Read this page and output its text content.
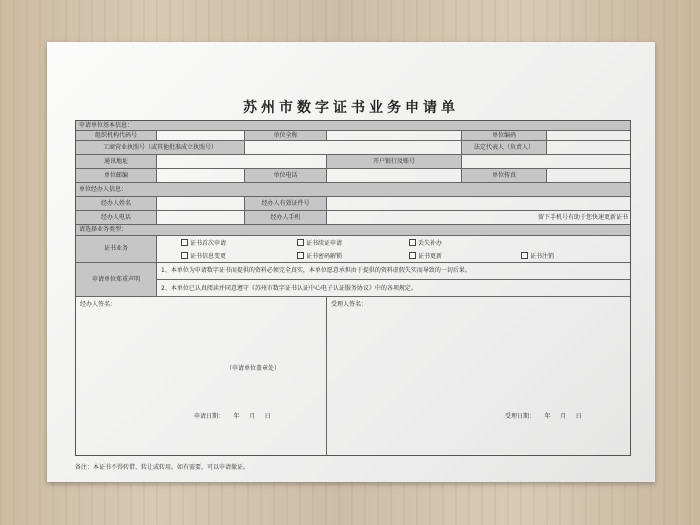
苏州市数字证书业务申请单
申请单位基本信息：
组织机构代码号	单位全称	单位编码
工商营业执照号（或其他批准成立执照号）	法定代表人（负责人）
通讯地址	开户银行及账号
单位邮编	单位电话	单位传真
单位经办人信息：
经办人姓名	经办人有效证件号
经办人电话	经办人手机	留下手机号有助于您快速更新证书
请选择业务类型：
证书业务
证书首次申请	证书续证申请	丢失补办
证书信息变更	证书密码解锁	证书更新	证书注销
申请单位郑重声明
1、本单位为申请数字证书而提供的资料必须完全真实，本单位愿意承担由于提供的资料虚假失实而导致的一切后果。
2、本单位已认真阅读并同意遵守《苏州市数字证书认证中心电子认证服务协议》中的各项规定。
经办人签名：
（申请单位盖章处）
申请日期：     年     月     日
受理人签名：
受理日期：     年     月     日
备注：本证书不得转借、转让或转用。如有需要，可以申请撤证。
